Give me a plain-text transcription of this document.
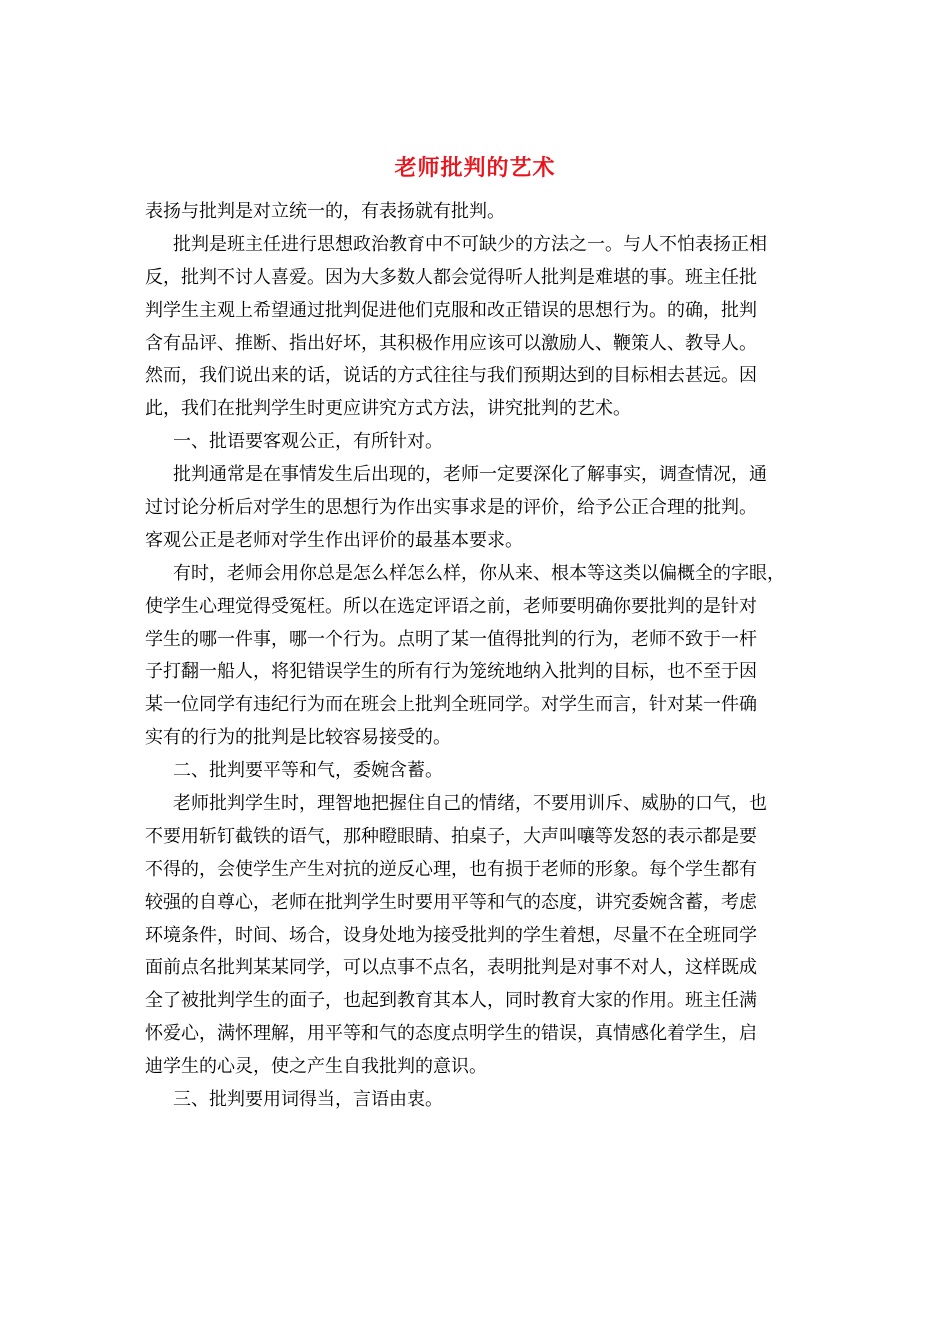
老师批判的艺术
表扬与批判是对立统一的，有表扬就有批判。
批判是班主任进行思想政治教育中不可缺少的方法之一。与人不怕表扬正相
反，批判不讨人喜爱。因为大多数人都会觉得听人批判是难堪的事。班主任批
判学生主观上希望通过批判促进他们克服和改正错误的思想行为。的确，批判
含有品评、推断、指出好坏，其积极作用应该可以激励人、鞭策人、教导人。
然而，我们说出来的话，说话的方式往往与我们预期达到的目标相去甚远。因
此，我们在批判学生时更应讲究方式方法，讲究批判的艺术。
一、批语要客观公正，有所针对。
批判通常是在事情发生后出现的，老师一定要深化了解事实，调查情况，通
过讨论分析后对学生的思想行为作出实事求是的评价，给予公正合理的批判。
客观公正是老师对学生作出评价的最基本要求。
有时，老师会用你总是怎么样怎么样，你从来、根本等这类以偏概全的字眼，
使学生心理觉得受冤枉。所以在选定评语之前，老师要明确你要批判的是针对
学生的哪一件事，哪一个行为。点明了某一值得批判的行为，老师不致于一杆
子打翻一船人，将犯错误学生的所有行为笼统地纳入批判的目标，也不至于因
某一位同学有违纪行为而在班会上批判全班同学。对学生而言，针对某一件确
实有的行为的批判是比较容易接受的。
二、批判要平等和气，委婉含蓄。
老师批判学生时，理智地把握住自己的情绪，不要用训斥、威胁的口气，也
不要用斩钉截铁的语气，那种瞪眼睛、拍桌子，大声叫嚷等发怒的表示都是要
不得的，会使学生产生对抗的逆反心理，也有损于老师的形象。每个学生都有
较强的自尊心，老师在批判学生时要用平等和气的态度，讲究委婉含蓄，考虑
环境条件，时间、场合，设身处地为接受批判的学生着想，尽量不在全班同学
面前点名批判某某同学，可以点事不点名，表明批判是对事不对人，这样既成
全了被批判学生的面子，也起到教育其本人，同时教育大家的作用。班主任满
怀爱心，满怀理解，用平等和气的态度点明学生的错误，真情感化着学生，启
迪学生的心灵，使之产生自我批判的意识。
三、批判要用词得当，言语由衷。
